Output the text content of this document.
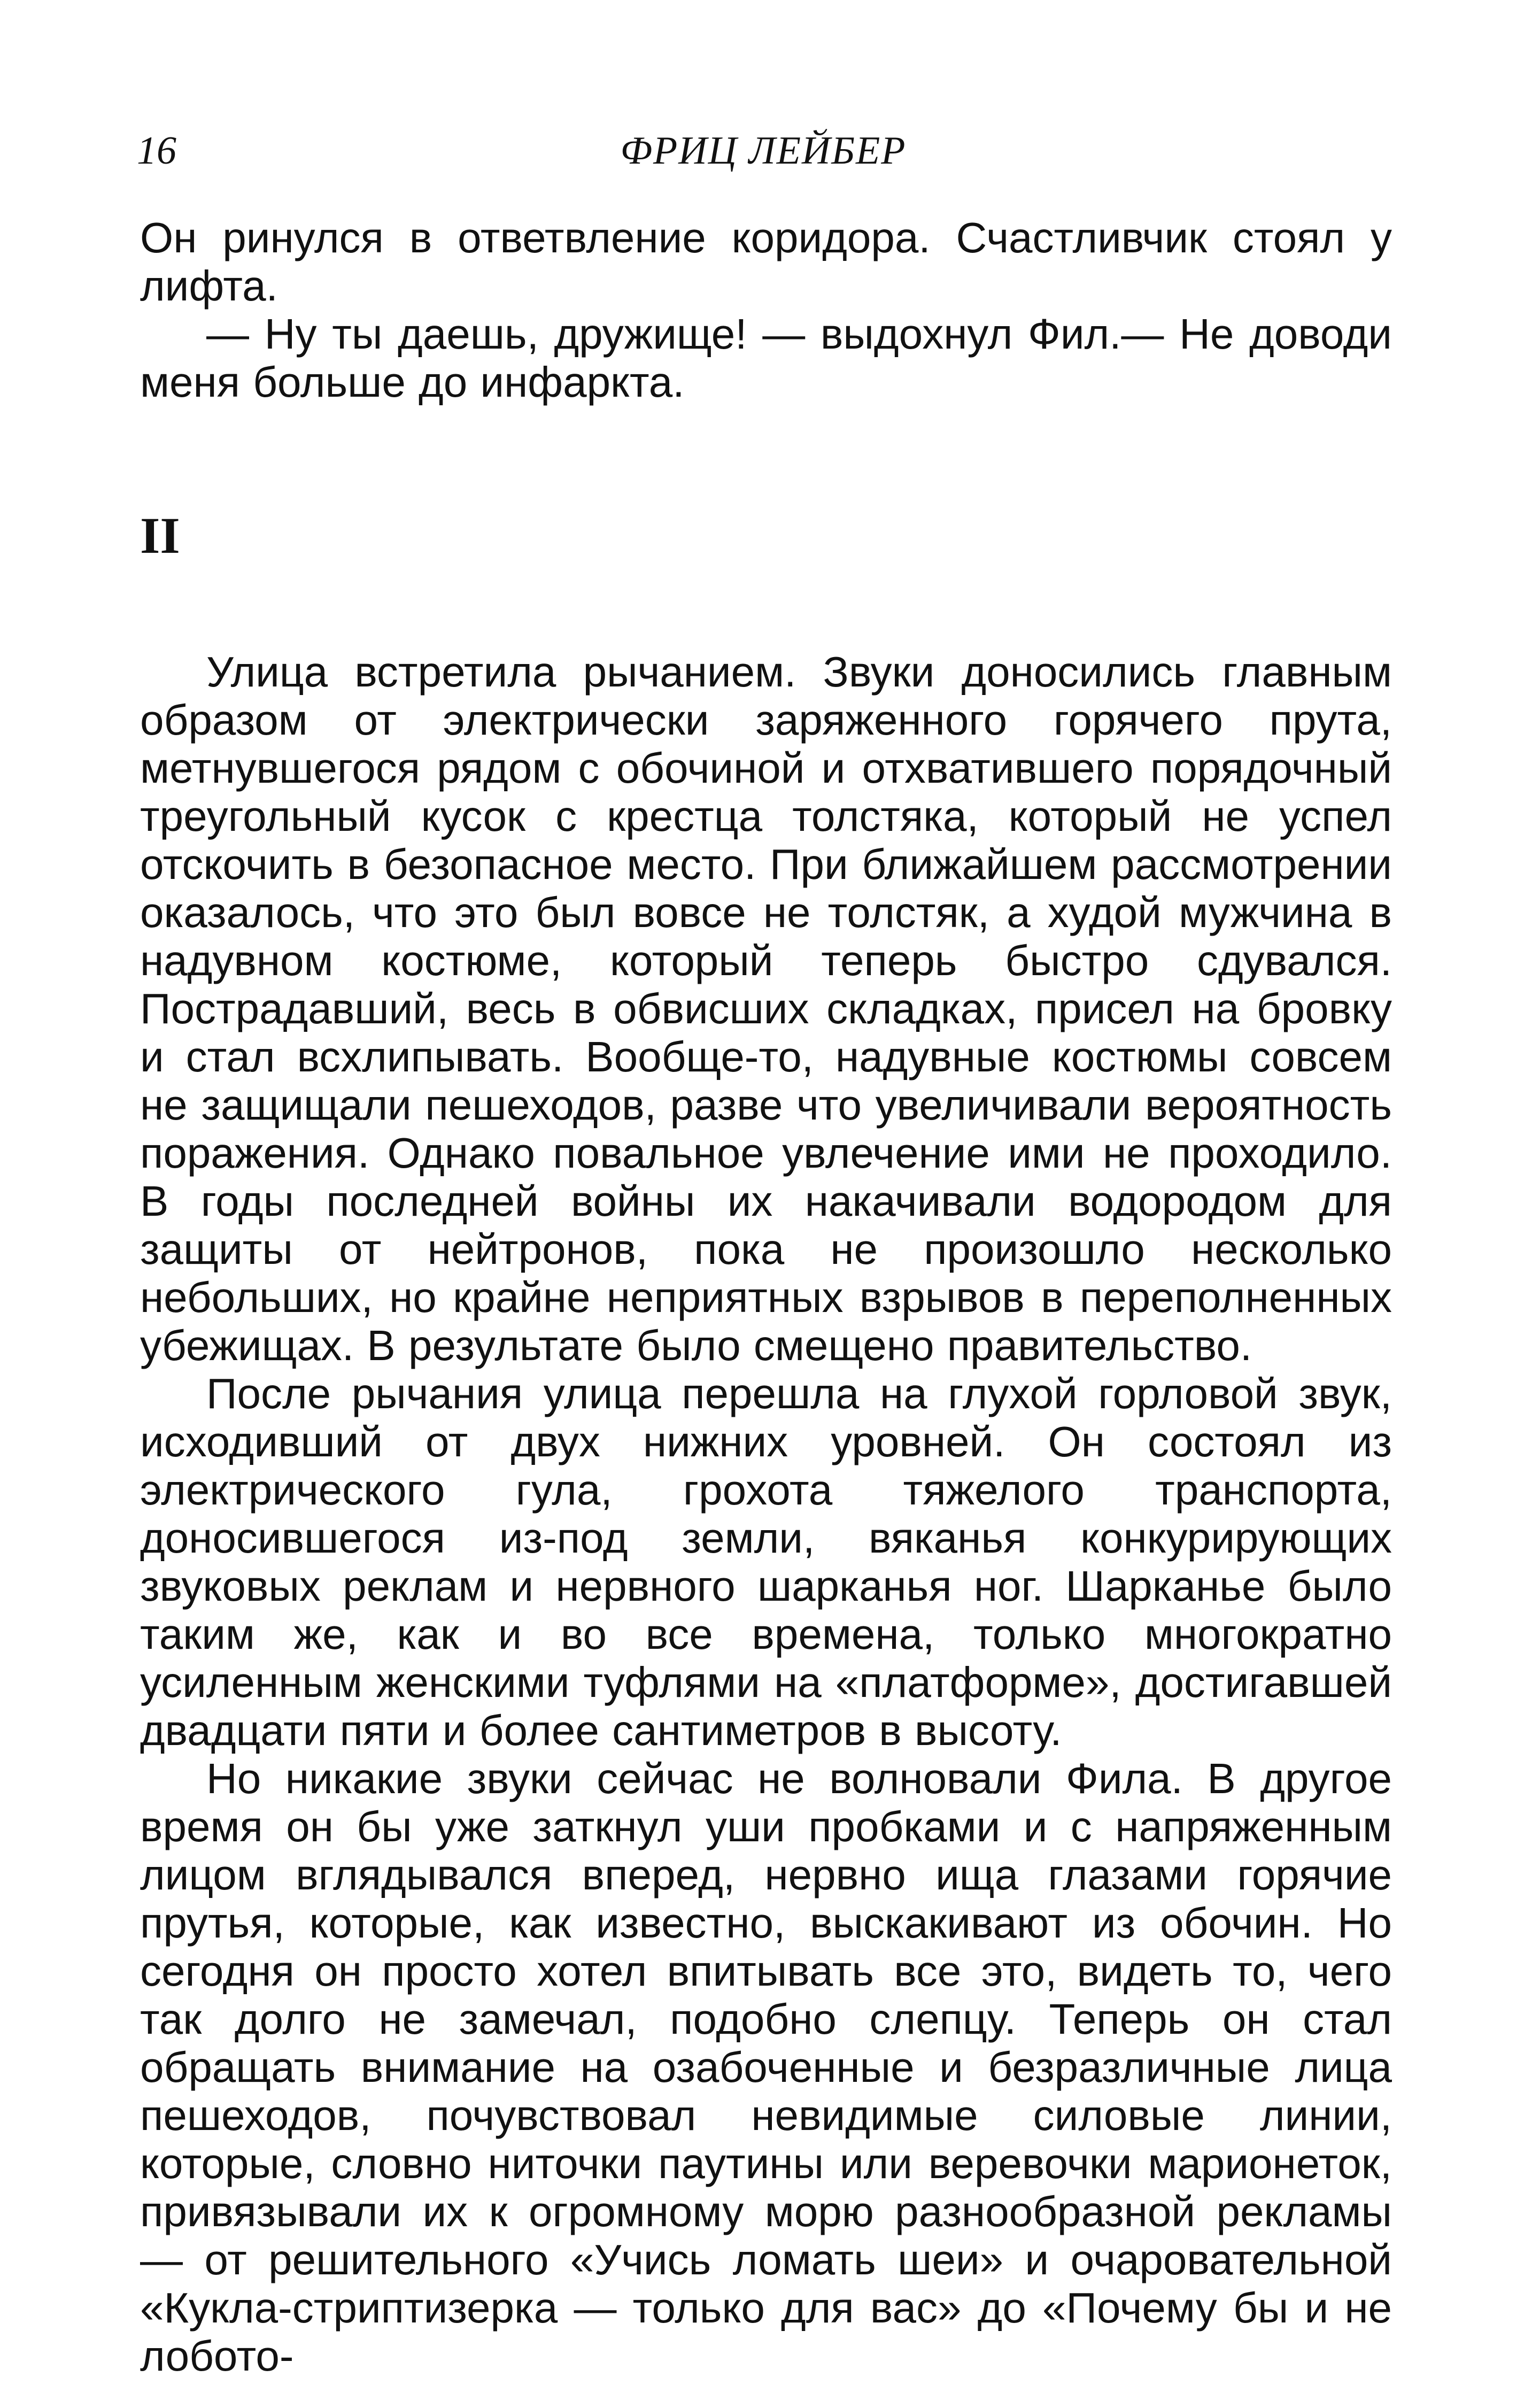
16	ФРИЦ ЛЕЙБЕР

Он ринулся в ответвление коридора. Счастливчик стоял у лифта.

— Ну ты даешь, дружище! — выдохнул Фил.— Не доводи меня больше до инфаркта.

II

Улица встретила рычанием. Звуки доносились главным образом от электрически заряженного горячего прута, метнувшегося рядом с обочиной и отхватившего порядочный треугольный кусок с крестца толстяка, который не успел отскочить в безопасное место. При ближайшем рассмотрении оказалось, что это был вовсе не толстяк, а худой мужчина в надувном костюме, который теперь быстро сдувался. Пострадавший, весь в обвисших складках, присел на бровку и стал всхлипывать. Вообще-то, надувные костюмы совсем не защищали пешеходов, разве что увеличивали вероятность поражения. Однако повальное увлечение ими не проходило. В годы последней войны их накачивали водородом для защиты от нейтронов, пока не произошло несколько небольших, но крайне неприятных взрывов в переполненных убежищах. В результате было смещено правительство.

После рычания улица перешла на глухой горловой звук, исходивший от двух нижних уровней. Он состоял из электрического гула, грохота тяжелого транспорта, доносившегося из-под земли, вяканья конкурирующих звуковых реклам и нервного шарканья ног. Шарканье было таким же, как и во все времена, только многократно усиленным женскими туфлями на «платформе», достигавшей двадцати пяти и более сантиметров в высоту.

Но никакие звуки сейчас не волновали Фила. В другое время он бы уже заткнул уши пробками и с напряженным лицом вглядывался вперед, нервно ища глазами горячие прутья, которые, как известно, выскакивают из обочин. Но сегодня он просто хотел впитывать все это, видеть то, чего так долго не замечал, подобно слепцу. Теперь он стал обращать внимание на озабоченные и безразличные лица пешеходов, почувствовал невидимые силовые линии, которые, словно ниточки паутины или веревочки марионеток, привязывали их к огромному морю разнообразной рекламы — от решительного «Учись ломать шеи» и очаровательной «Кукла-стриптизерка — только для вас» до «Почему бы и не лобото-
